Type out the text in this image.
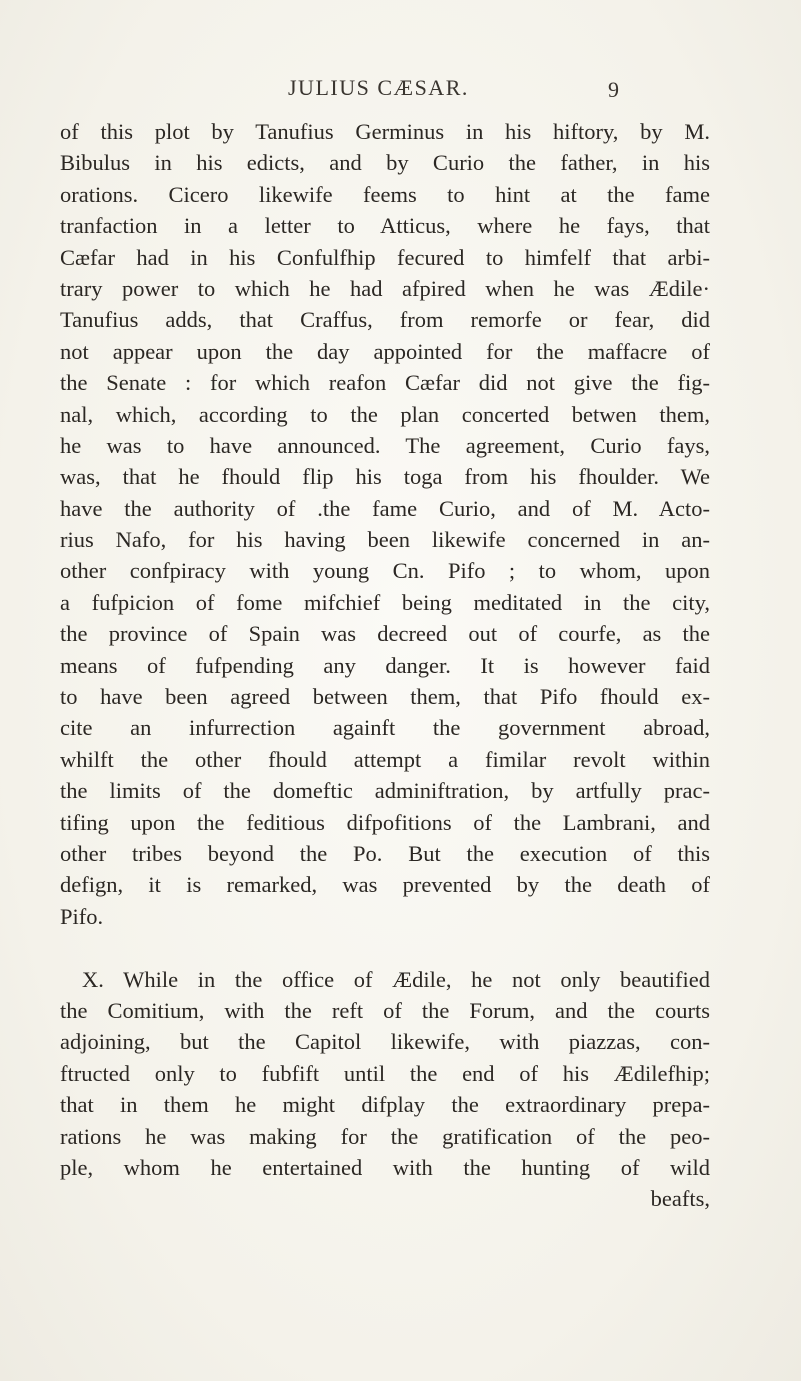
JULIUS CÆSAR.	9
of this plot by Tanufius Germinus in his hiftory, by M.
Bibulus in his edicts, and by Curio the father, in his
orations. Cicero likewife feems to hint at the fame
tranfaction in a letter to Atticus, where he fays, that
Cæfar had in his Confulfhip fecured to himfelf that arbi-
trary power to which he had afpired when he was Ædile·
Tanufius adds, that Craffus, from remorfe or fear, did
not appear upon the day appointed for the maffacre of
the Senate : for which reafon Cæfar did not give the fig-
nal, which, according to the plan concerted betwen them,
he was to have announced. The agreement, Curio fays,
was, that he fhould flip his toga from his fhoulder. We
have the authority of .the fame Curio, and of M. Acto-
rius Nafo, for his having been likewife concerned in an-
other confpiracy with young Cn. Pifo ; to whom, upon
a fufpicion of fome mifchief being meditated in the city,
the province of Spain was decreed out of courfe, as the
means of fufpending any danger. It is however faid
to have been agreed between them, that Pifo fhould ex-
cite an infurrection againft the government abroad,
whilft the other fhould attempt a fimilar revolt within
the limits of the domeftic adminiftration, by artfully prac-
tifing upon the feditious difpofitions of the Lambrani, and
other tribes beyond the Po. But the execution of this
defign, it is remarked, was prevented by the death of
Pifo.
X. While in the office of Ædile, he not only beautified
the Comitium, with the reft of the Forum, and the courts
adjoining, but the Capitol likewife, with piazzas, con-
ftructed only to fubfift until the end of his Ædilefhip;
that in them he might difplay the extraordinary prepa-
rations he was making for the gratification of the peo-
ple, whom he entertained with the hunting of wild
beafts,
